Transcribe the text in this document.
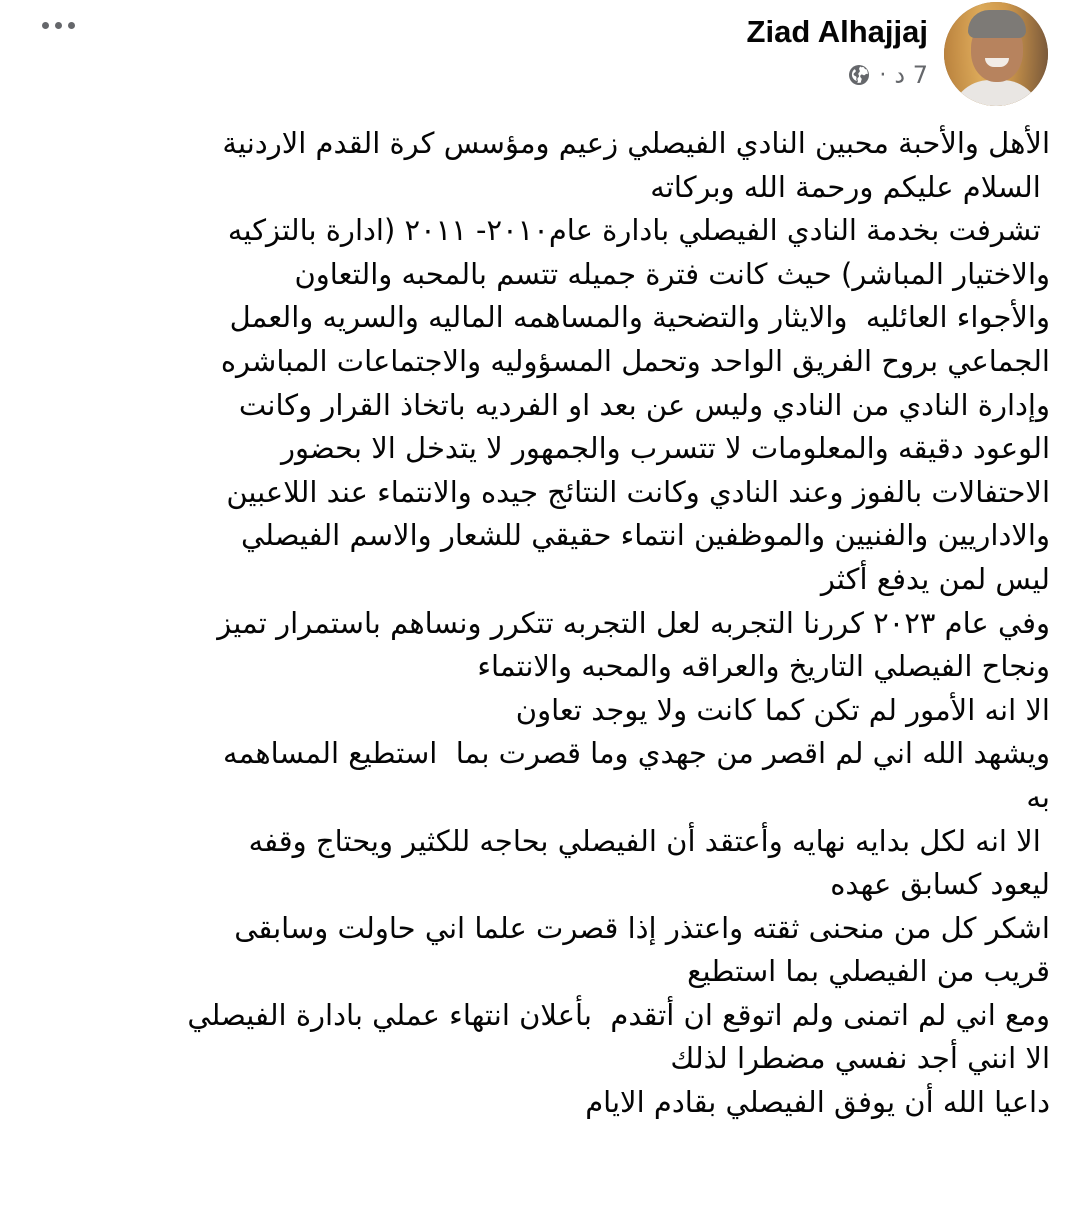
Ziad Alhajjaj
7 د
·
الأهل والأحبة محبين النادي الفيصلي زعيم ومؤسس كرة القدم الاردنية
السلام عليكم ورحمة الله وبركاته
تشرفت بخدمة النادي الفيصلي بادارة عام٢٠١٠- ٢٠١١ (ادارة بالتزكيه
والاختيار المباشر) حيث كانت فترة جميله تتسم بالمحبه والتعاون
والأجواء العائليه  والايثار والتضحية والمساهمه الماليه والسريه والعمل
الجماعي بروح الفريق الواحد وتحمل المسؤوليه والاجتماعات المباشره
وإدارة النادي من النادي وليس عن بعد او الفرديه باتخاذ القرار وكانت
الوعود دقيقه والمعلومات لا تتسرب والجمهور لا يتدخل الا بحضور
الاحتفالات بالفوز وعند النادي وكانت النتائج جيده والانتماء عند اللاعبين
والاداريين والفنيين والموظفين انتماء حقيقي للشعار والاسم الفيصلي
ليس لمن يدفع أكثر
وفي عام ٢٠٢٣ كررنا التجربه لعل التجربه تتكرر ونساهم باستمرار تميز
ونجاح الفيصلي التاريخ والعراقه والمحبه والانتماء
الا انه الأمور لم تكن كما كانت ولا يوجد تعاون
ويشهد الله اني لم اقصر من جهدي وما قصرت بما  استطيع المساهمه
به
الا انه لكل بدايه نهايه وأعتقد أن الفيصلي بحاجه للكثير ويحتاج وقفه
ليعود كسابق عهده
اشكر كل من منحنى ثقته واعتذر إذا قصرت علما اني حاولت وسابقى
قريب من الفيصلي بما استطيع
ومع اني لم اتمنى ولم اتوقع ان أتقدم  بأعلان انتهاء عملي بادارة الفيصلي
الا انني أجد نفسي مضطرا لذلك
داعيا الله أن يوفق الفيصلي بقادم الايام
